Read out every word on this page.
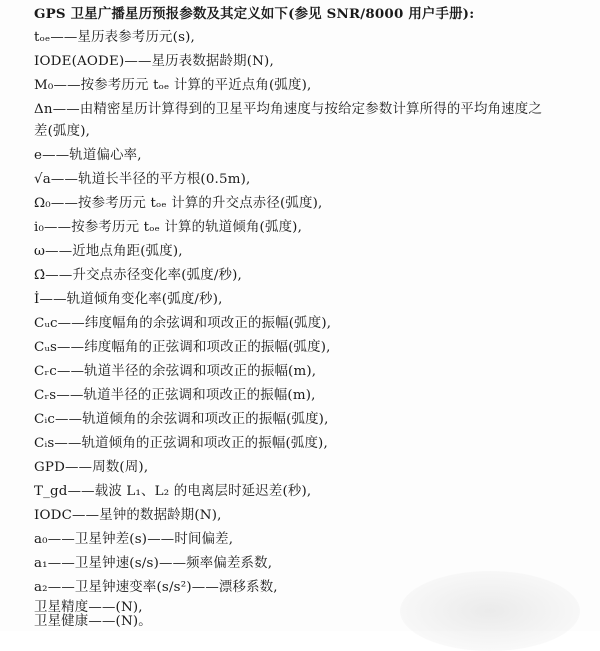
GPS 卫星广播星历预报参数及其定义如下(参见 SNR/8000 用户手册):
tₒₑ——星历表参考历元(s),
IODE(AODE)——星历表数据龄期(N),
M₀——按参考历元 tₒₑ 计算的平近点角(弧度),
Δn——由精密星历计算得到的卫星平均角速度与按给定参数计算所得的平均角速度之
差(弧度),
e——轨道偏心率,
√a——轨道长半径的平方根(0.5m),
Ω₀——按参考历元 tₒₑ 计算的升交点赤径(弧度),
i₀——按参考历元 tₒₑ 计算的轨道倾角(弧度),
ω——近地点角距(弧度),
Ω̇——升交点赤径变化率(弧度/秒),
İ——轨道倾角变化率(弧度/秒),
Cᵤc——纬度幅角的余弦调和项改正的振幅(弧度),
Cᵤs——纬度幅角的正弦调和项改正的振幅(弧度),
Cᵣc——轨道半径的余弦调和项改正的振幅(m),
Cᵣs——轨道半径的正弦调和项改正的振幅(m),
Cᵢc——轨道倾角的余弦调和项改正的振幅(弧度),
Cᵢs——轨道倾角的正弦调和项改正的振幅(弧度),
GPD——周数(周),
T_gd——载波 L₁、L₂ 的电离层时延迟差(秒),
IODC——星钟的数据龄期(N),
a₀——卫星钟差(s)——时间偏差,
a₁——卫星钟速(s/s)——频率偏差系数,
a₂——卫星钟速变率(s/s²)——漂移系数,
卫星精度——(N),
卫星健康——(N)。
